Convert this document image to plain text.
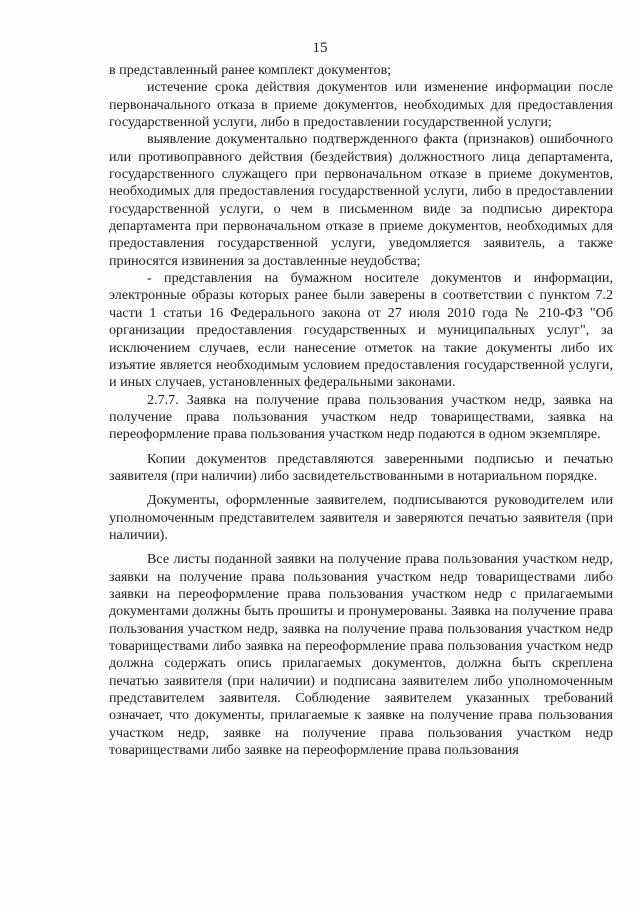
15

в представленный ранее комплект документов;

истечение срока действия документов или изменение информации после первоначального отказа в приеме документов, необходимых для предоставления государственной услуги, либо в предоставлении государственной услуги;

выявление документально подтвержденного факта (признаков) ошибочного или противоправного действия (бездействия) должностного лица департамента, государственного служащего при первоначальном отказе в приеме документов, необходимых для предоставления государственной услуги, либо в предоставлении государственной услуги, о чем в письменном виде за подписью директора департамента при первоначальном отказе в приеме документов, необходимых для предоставления государственной услуги, уведомляется заявитель, а также приносятся извинения за доставленные неудобства;

- представления на бумажном носителе документов и информации, электронные образы которых ранее были заверены в соответствии с пунктом 7.2 части 1 статьи 16 Федерального закона от 27 июля 2010 года № 210-ФЗ "Об организации предоставления государственных и муниципальных услуг", за исключением случаев, если нанесение отметок на такие документы либо их изъятие является необходимым условием предоставления государственной услуги, и иных случаев, установленных федеральными законами.

2.7.7. Заявка на получение права пользования участком недр, заявка на получение права пользования участком недр товариществами, заявка на переоформление права пользования участком недр подаются в одном экземпляре.

Копии документов представляются заверенными подписью и печатью заявителя (при наличии) либо засвидетельствованными в нотариальном порядке.

Документы, оформленные заявителем, подписываются руководителем или уполномоченным представителем заявителя и заверяются печатью заявителя (при наличии).

Все листы поданной заявки на получение права пользования участком недр, заявки на получение права пользования участком недр товариществами либо заявки на переоформление права пользования участком недр с прилагаемыми документами должны быть прошиты и пронумерованы. Заявка на получение права пользования участком недр, заявка на получение права пользования участком недр товариществами либо заявка на переоформление права пользования участком недр должна содержать опись прилагаемых документов, должна быть скреплена печатью заявителя (при наличии) и подписана заявителем либо уполномоченным представителем заявителя. Соблюдение заявителем указанных требований означает, что документы, прилагаемые к заявке на получение права пользования участком недр, заявке на получение права пользования участком недр товариществами либо заявке на переоформление права пользования
